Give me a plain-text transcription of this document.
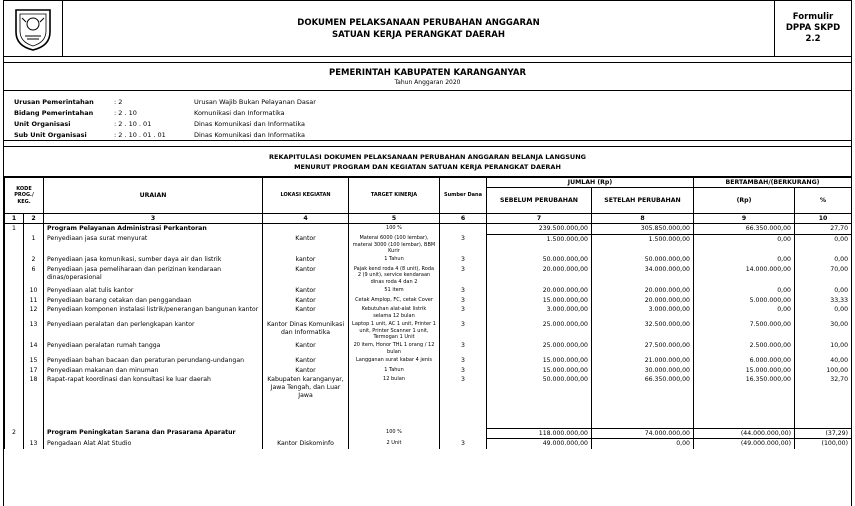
DOKUMEN PELAKSANAAN PERUBAHAN ANGGARAN
SATUAN KERJA PERANGKAT DAERAH
Formulir
DPPA SKPD
2.2
PEMERINTAH KABUPATEN KARANGANYAR
Tahun Anggaran 2020
Urusan Pemerintahan	: 2	Urusan Wajib Bukan Pelayanan Dasar
Bidang Pemerintahan	: 2 . 10	Komunikasi dan Informatika
Unit Organisasi	: 2 . 10 . 01	Dinas Komunikasi dan Informatika
Sub Unit Organisasi	: 2 . 10 . 01 . 01	Dinas Komunikasi dan Informatika
REKAPITULASI DOKUMEN PELAKSANAAN PERUBAHAN ANGGARAN BELANJA LANGSUNG
MENURUT PROGRAM DAN KEGIATAN SATUAN KERJA PERANGKAT DAERAH
KODE PROG./ KEG.		URAIAN	LOKASI KEGIATAN	TARGET KINERJA	Sumber Dana	JUMLAH (Rp)		BERTAMBAH/(BERKURANG)	
						SEBELUM PERUBAHAN	SETELAH PERUBAHAN	(Rp)	%
1	2	3	4	5	6	7	8	9	10
1		Program Pelayanan Administrasi Perkantoran		100 %		239.500.000,00	305.850.000,00	66.350.000,00	27,70
	1	Penyediaan jasa surat menyurat	Kantor	Materai 6000 (100 lembar), materai 3000 (100 lembar), BBM Kurir	3	1.500.000,00	1.500.000,00	0,00	0,00
	2	Penyediaan jasa komunikasi, sumber daya air dan listrik	kantor	1 Tahun	3	50.000.000,00	50.000.000,00	0,00	0,00
	6	Penyediaan jasa pemeliharaan dan perizinan kendaraan dinas/operasional	Kantor	Pajak kend roda 4 (8 unit), Roda 2 (9 unit), service kendaraan dinas roda 4 dan 2	3	20.000.000,00	34.000.000,00	14.000.000,00	70,00
	10	Penyediaan alat tulis kantor	Kantor	51 item	3	20.000.000,00	20.000.000,00	0,00	0,00
	11	Penyediaan barang cetakan dan penggandaan	Kantor	Cetak Amplop, FC, cetak Cover	3	15.000.000,00	20.000.000,00	5.000.000,00	33,33
	12	Penyediaan komponen instalasi listrik/penerangan bangunan kantor	Kantor	Kebutuhan alat-alat listrik selama 12 bulan	3	3.000.000,00	3.000.000,00	0,00	0,00
	13	Penyediaan peralatan dan perlengkapan kantor	Kantor Dinas Komunikasi dan Informatika	Laptop 1 unit, AC 1 unit, Printer 1 unit, Printer Scanner 1 unit, Termogan 1 Unit	3	25.000.000,00	32.500.000,00	7.500.000,00	30,00
	14	Penyediaan peralatan rumah tangga	Kantor	20 item, Honor THL 1 orang / 12 bulan	3	25.000.000,00	27.500.000,00	2.500.000,00	10,00
	15	Penyediaan bahan bacaan dan peraturan perundang-undangan	Kantor	Langganan surat kabar 4 jenis	3	15.000.000,00	21.000.000,00	6.000.000,00	40,00
	17	Penyediaan makanan dan minuman	Kantor	1 Tahun	3	15.000.000,00	30.000.000,00	15.000.000,00	100,00
	18	Rapat-rapat koordinasi dan konsultasi ke luar daerah	Kabupaten karanganyar, Jawa Tengah, dan Luar Jawa	12 bulan	3	50.000.000,00	66.350.000,00	16.350.000,00	32,70

2		Program Peningkatan Sarana dan Prasarana Aparatur		100 %		118.000.000,00	74.000.000,00	(44.000.000,00)	(37,29)
	13	Pengadaan Alat Alat Studio	Kantor Diskominfo	2 Unit	3	49.000.000,00	0,00	(49.000.000,00)	(100,00)
